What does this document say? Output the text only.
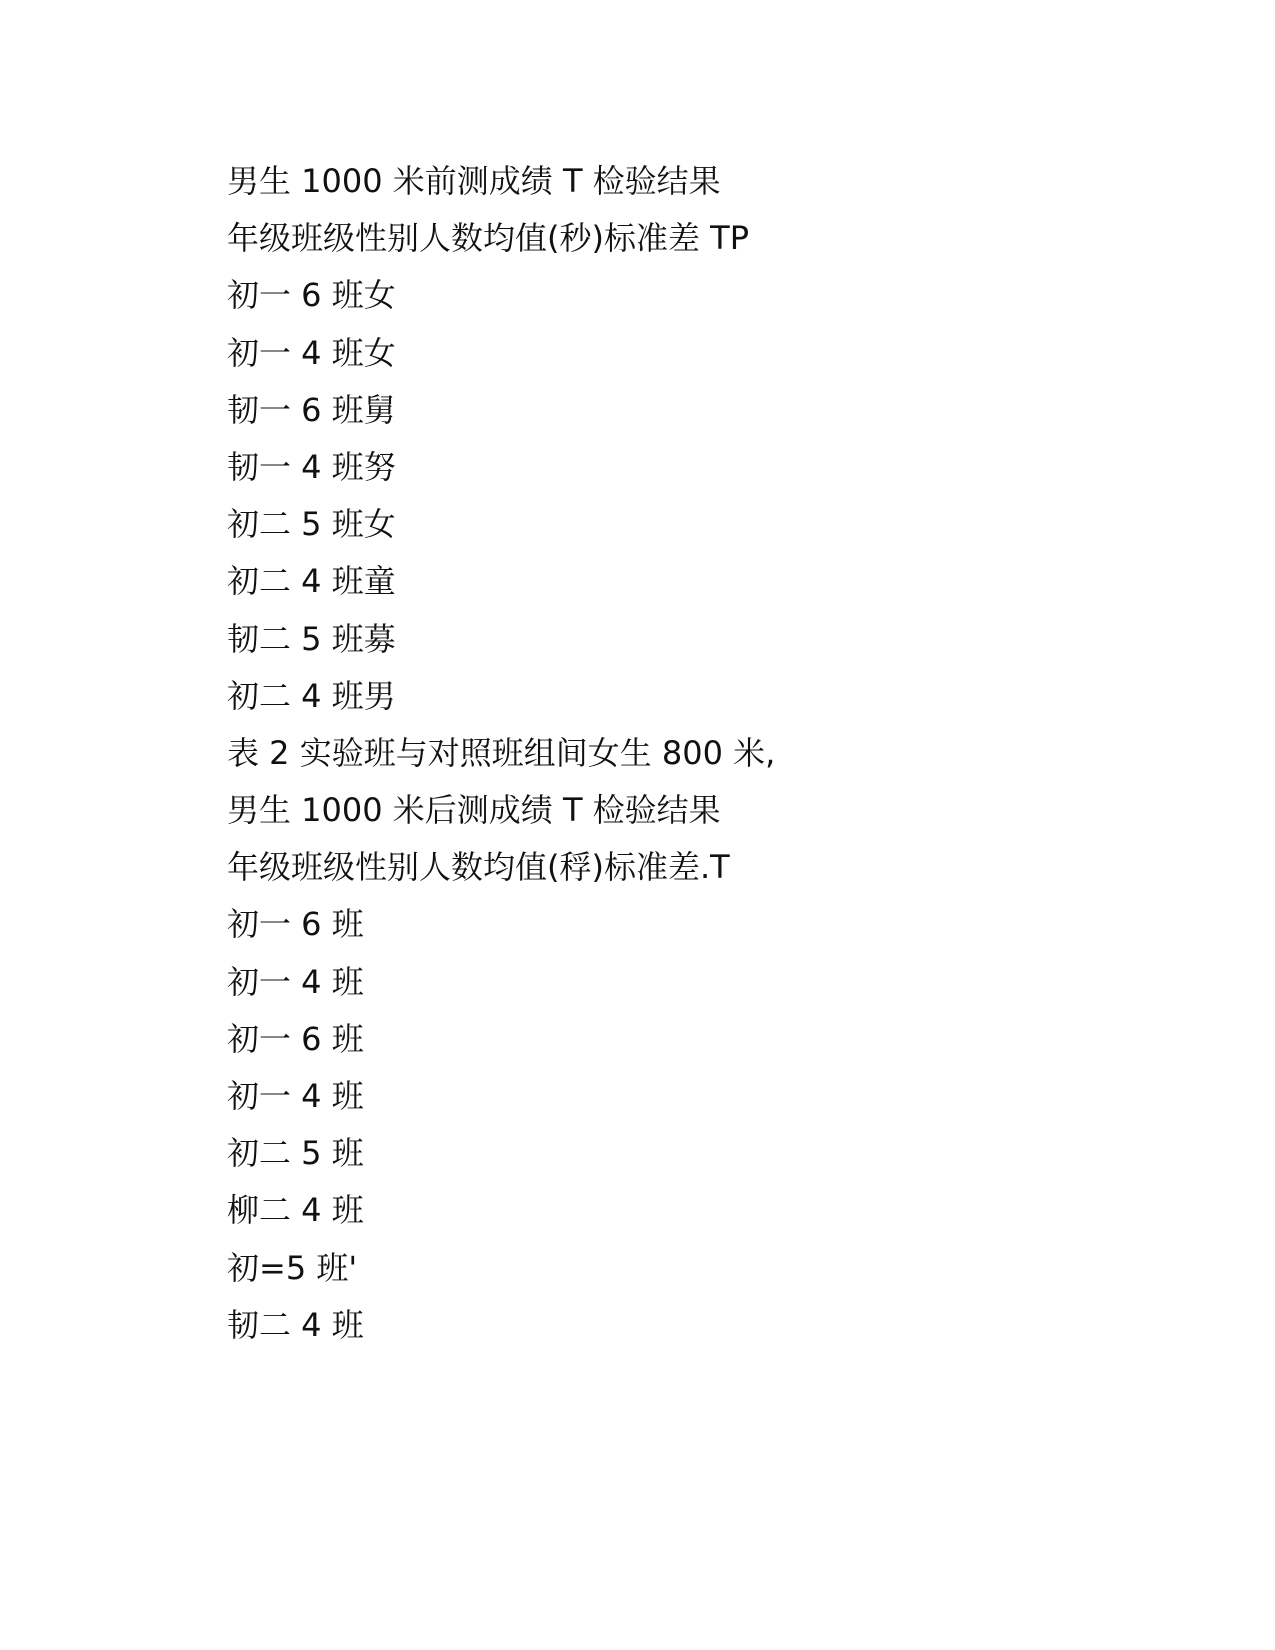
男生 1000 米前测成绩 T 检验结果
年级班级性别人数均值(秒)标准差 TP
初一 6 班女
初一 4 班女
韧一 6 班舅
韧一 4 班努
初二 5 班女
初二 4 班童
韧二 5 班募
初二 4 班男
表 2 实验班与对照班组间女生 800 米,
男生 1000 米后测成绩 T 检验结果
年级班级性别人数均值(稃)标准差.T
初一 6 班
初一 4 班
初一 6 班
初一 4 班
初二 5 班
柳二 4 班
初=5 班'
韧二 4 班
